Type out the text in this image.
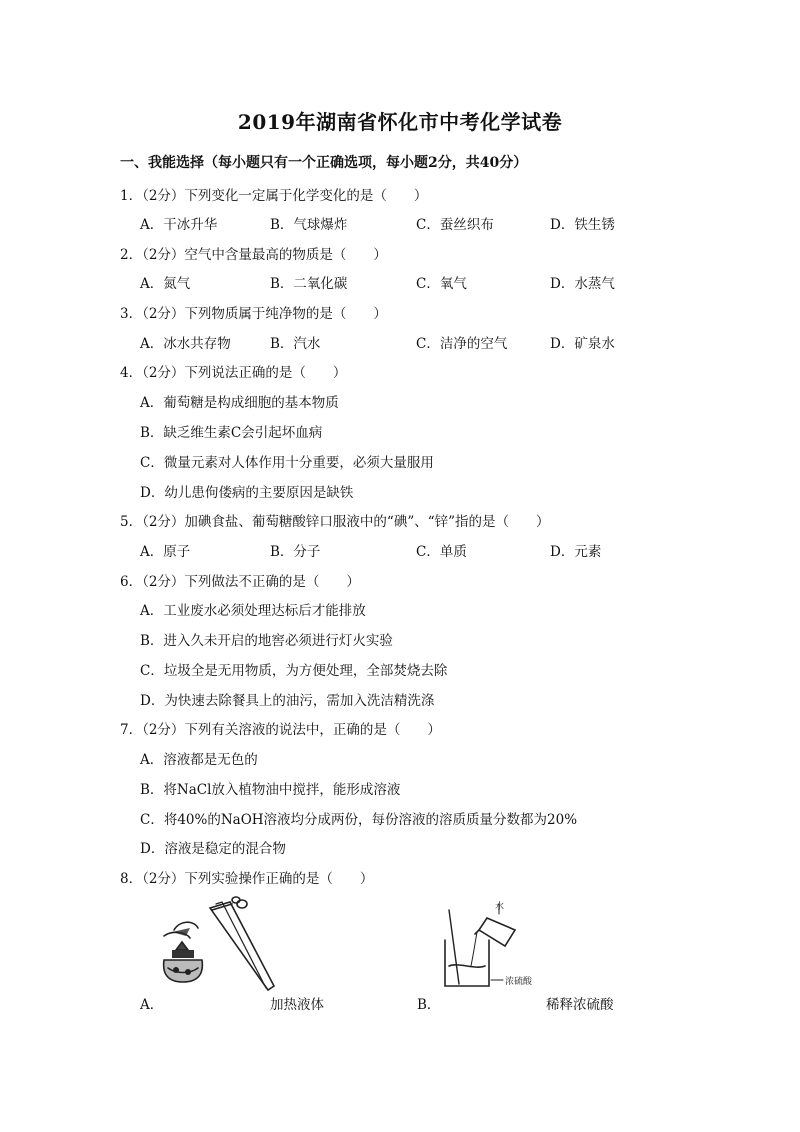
2019年湖南省怀化市中考化学试卷
一、我能选择（每小题只有一个正确选项，每小题2分，共40分）
1．（2分）下列变化一定属于化学变化的是（　　）
A．干冰升华	B．气球爆炸	C．蚕丝织布	D．铁生锈
2．（2分）空气中含量最高的物质是（　　）
A．氮气	B．二氧化碳	C．氧气	D．水蒸气
3．（2分）下列物质属于纯净物的是（　　）
A．冰水共存物	B．汽水	C．洁净的空气	D．矿泉水
4．（2分）下列说法正确的是（　　）
A．葡萄糖是构成细胞的基本物质
B．缺乏维生素C会引起坏血病
C．微量元素对人体作用十分重要，必须大量服用
D．幼儿患佝偻病的主要原因是缺铁
5．（2分）加碘食盐、葡萄糖酸锌口服液中的“碘”、“锌”指的是（　　）
A．原子	B．分子	C．单质	D．元素
6．（2分）下列做法不正确的是（　　）
A．工业废水必须处理达标后才能排放
B．进入久未开启的地窖必须进行灯火实验
C．垃圾全是无用物质，为方便处理，全部焚烧去除
D．为快速去除餐具上的油污，需加入洗洁精洗涤
7．（2分）下列有关溶液的说法中，正确的是（　　）
A．溶液都是无色的
B．将NaCl放入植物油中搅拌，能形成溶液
C．将40%的NaOH溶液均分成两份，每份溶液的溶质质量分数都为20%
D．溶液是稳定的混合物
8．（2分）下列实验操作正确的是（　　）
A．	加热液体
水
浓硫酸
B．	稀释浓硫酸
